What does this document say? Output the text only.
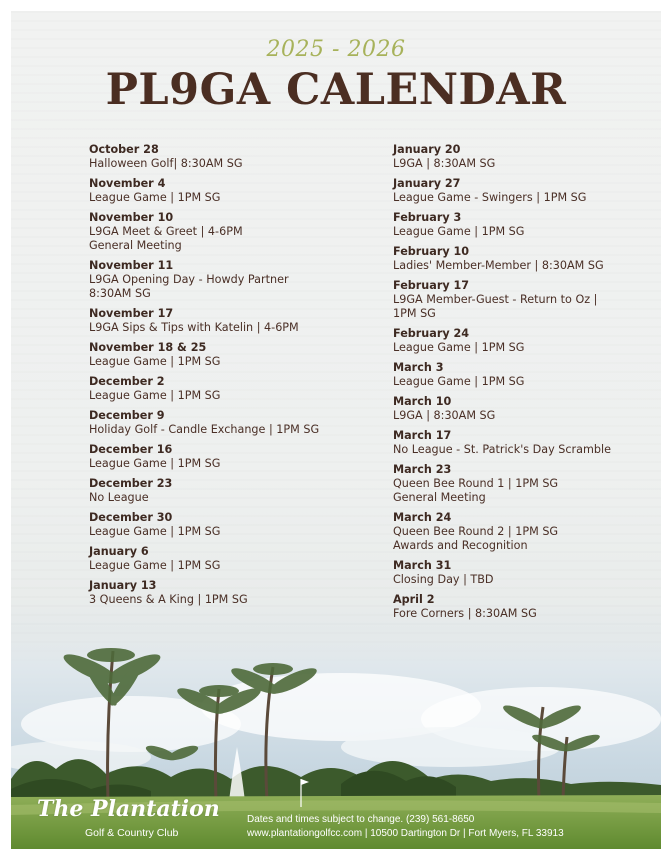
2025 - 2026
PL9GA CALENDAR
October 28
Halloween Golf| 8:30AM SG
November 4
League Game | 1PM SG
November 10
L9GA Meet & Greet | 4-6PM
General Meeting
November 11
L9GA Opening Day - Howdy Partner
8:30AM SG
November 17
L9GA Sips & Tips with Katelin | 4-6PM
November 18 & 25
League Game | 1PM SG
December 2
League Game | 1PM SG
December 9
Holiday Golf - Candle Exchange | 1PM SG
December 16
League Game | 1PM SG
December 23
No League
December 30
League Game | 1PM SG
January 6
League Game | 1PM SG
January 13
3 Queens & A King | 1PM SG
January 20
L9GA | 8:30AM SG
January 27
League Game - Swingers | 1PM SG
February 3
League Game | 1PM SG
February 10
Ladies' Member-Member | 8:30AM SG
February 17
L9GA Member-Guest - Return to Oz |
1PM SG
February 24
League Game | 1PM SG
March 3
League Game | 1PM SG
March 10
L9GA | 8:30AM SG
March 17
No League - St. Patrick's Day Scramble
March 23
Queen Bee Round 1 | 1PM SG
General Meeting
March 24
Queen Bee Round 2 | 1PM SG
Awards and Recognition
March 31
Closing Day | TBD
April 2
Fore Corners | 8:30AM SG
The Plantation
Golf & Country Club
Dates and times subject to change. (239) 561-8650
www.plantationgolfcc.com | 10500 Dartington Dr | Fort Myers, FL 33913
